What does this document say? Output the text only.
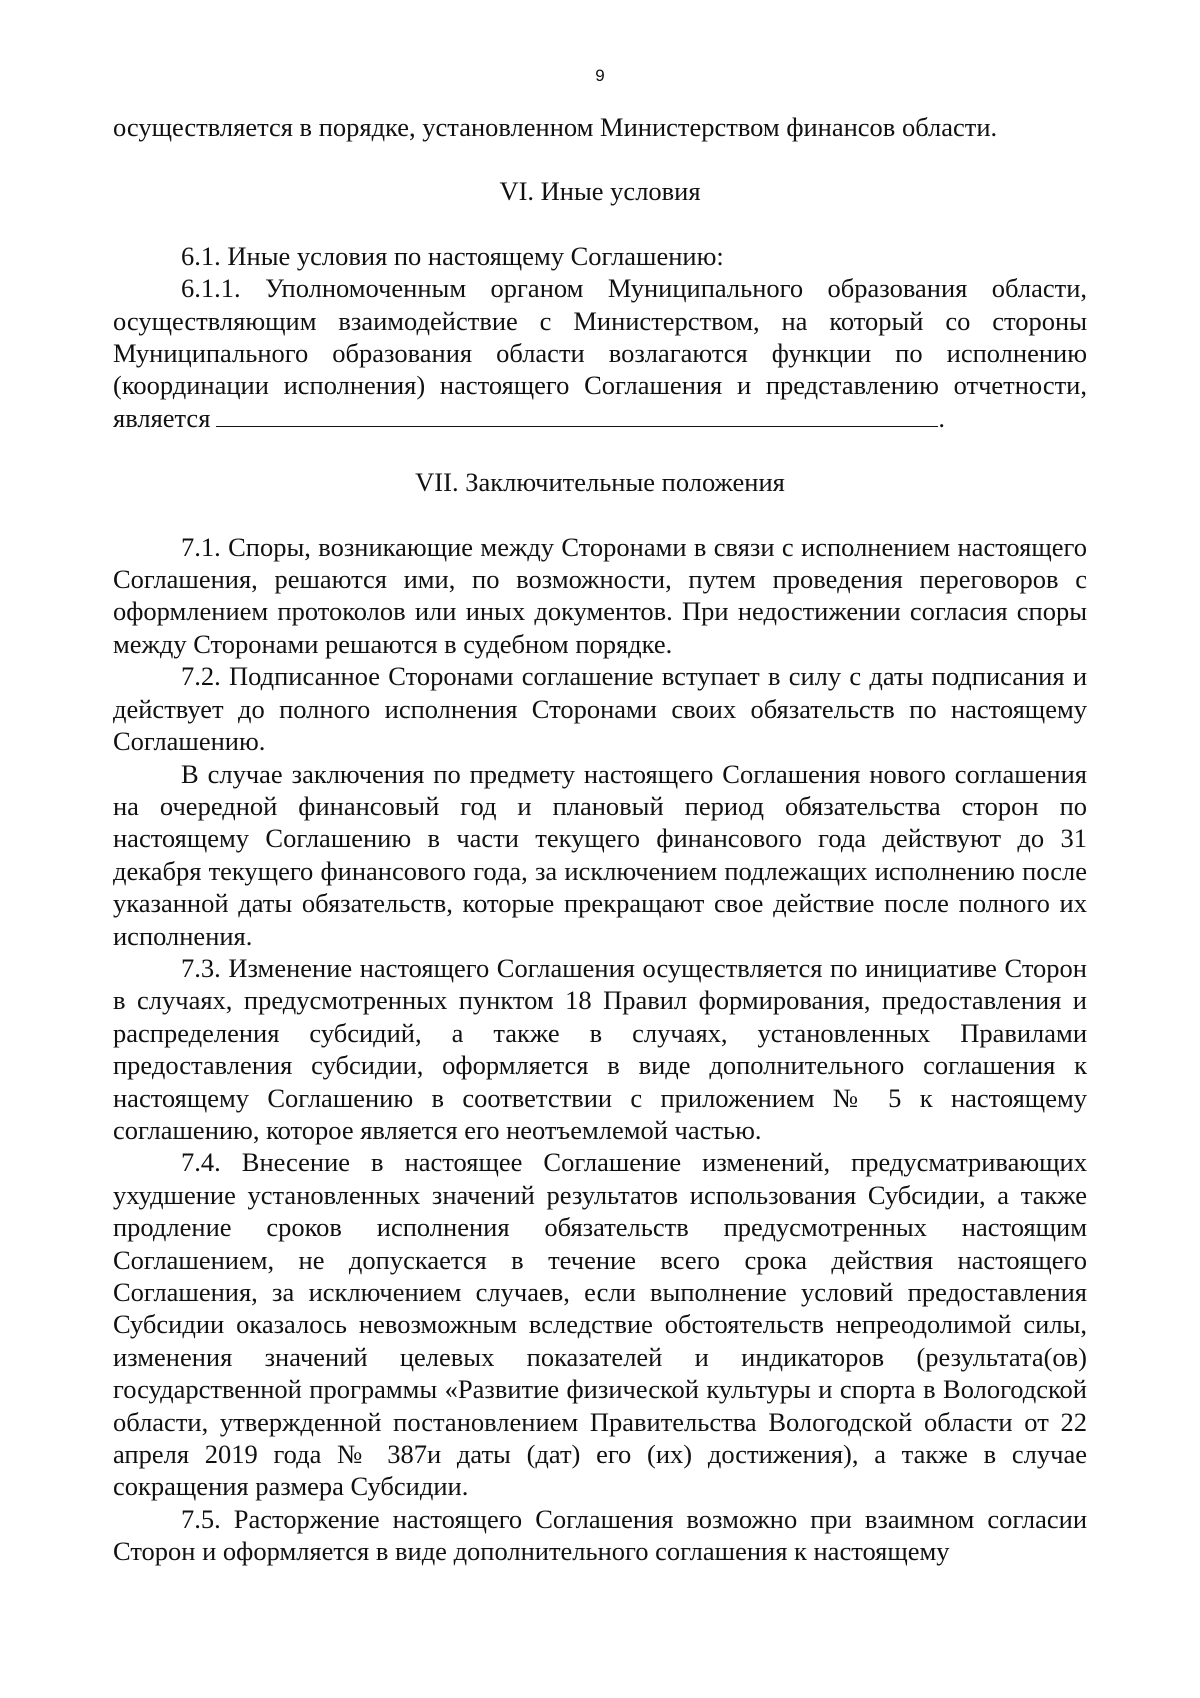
9

осуществляется в порядке, установленном Министерством финансов области.

VI. Иные условия

6.1. Иные условия по настоящему Соглашению:

6.1.1. Уполномоченным органом Муниципального образования области, осуществляющим взаимодействие с Министерством, на который со стороны Муниципального образования области возлагаются функции по исполнению (координации исполнения) настоящего Соглашения и представлению отчетности, является	.

VII. Заключительные положения

7.1. Споры, возникающие между Сторонами в связи с исполнением настоящего Соглашения, решаются ими, по возможности, путем проведения переговоров с оформлением протоколов или иных документов. При недостижении согласия споры между Сторонами решаются в судебном порядке.

7.2. Подписанное Сторонами соглашение вступает в силу с даты подписания и действует до полного исполнения Сторонами своих обязательств по настоящему Соглашению.

В случае заключения по предмету настоящего Соглашения нового соглашения на очередной финансовый год и плановый период обязательства сторон по настоящему Соглашению в части текущего финансового года действуют до 31 декабря текущего финансового года, за исключением подлежащих исполнению после указанной даты обязательств, которые прекращают свое действие после полного их исполнения.

7.3. Изменение настоящего Соглашения осуществляется по инициативе Сторон в случаях, предусмотренных пунктом 18 Правил формирования, предоставления и распределения субсидий, а также в случаях, установленных Правилами предоставления субсидии, оформляется в виде дополнительного соглашения к настоящему Соглашению в соответствии с приложением № 5 к настоящему соглашению, которое является его неотъемлемой частью.

7.4. Внесение в настоящее Соглашение изменений, предусматривающих ухудшение установленных значений результатов использования Субсидии, а также продление сроков исполнения обязательств предусмотренных настоящим Соглашением, не допускается в течение всего срока действия настоящего Соглашения, за исключением случаев, если выполнение условий предоставления Субсидии оказалось невозможным вследствие обстоятельств непреодолимой силы, изменения значений целевых показателей и индикаторов (результата(ов) государственной программы «Развитие физической культуры и спорта в Вологодской области, утвержденной постановлением Правительства Вологодской области от 22 апреля 2019 года № 387и даты (дат) его (их) достижения), а также в случае сокращения размера Субсидии.

7.5. Расторжение настоящего Соглашения возможно при взаимном согласии Сторон и оформляется в виде дополнительного соглашения к настоящему
